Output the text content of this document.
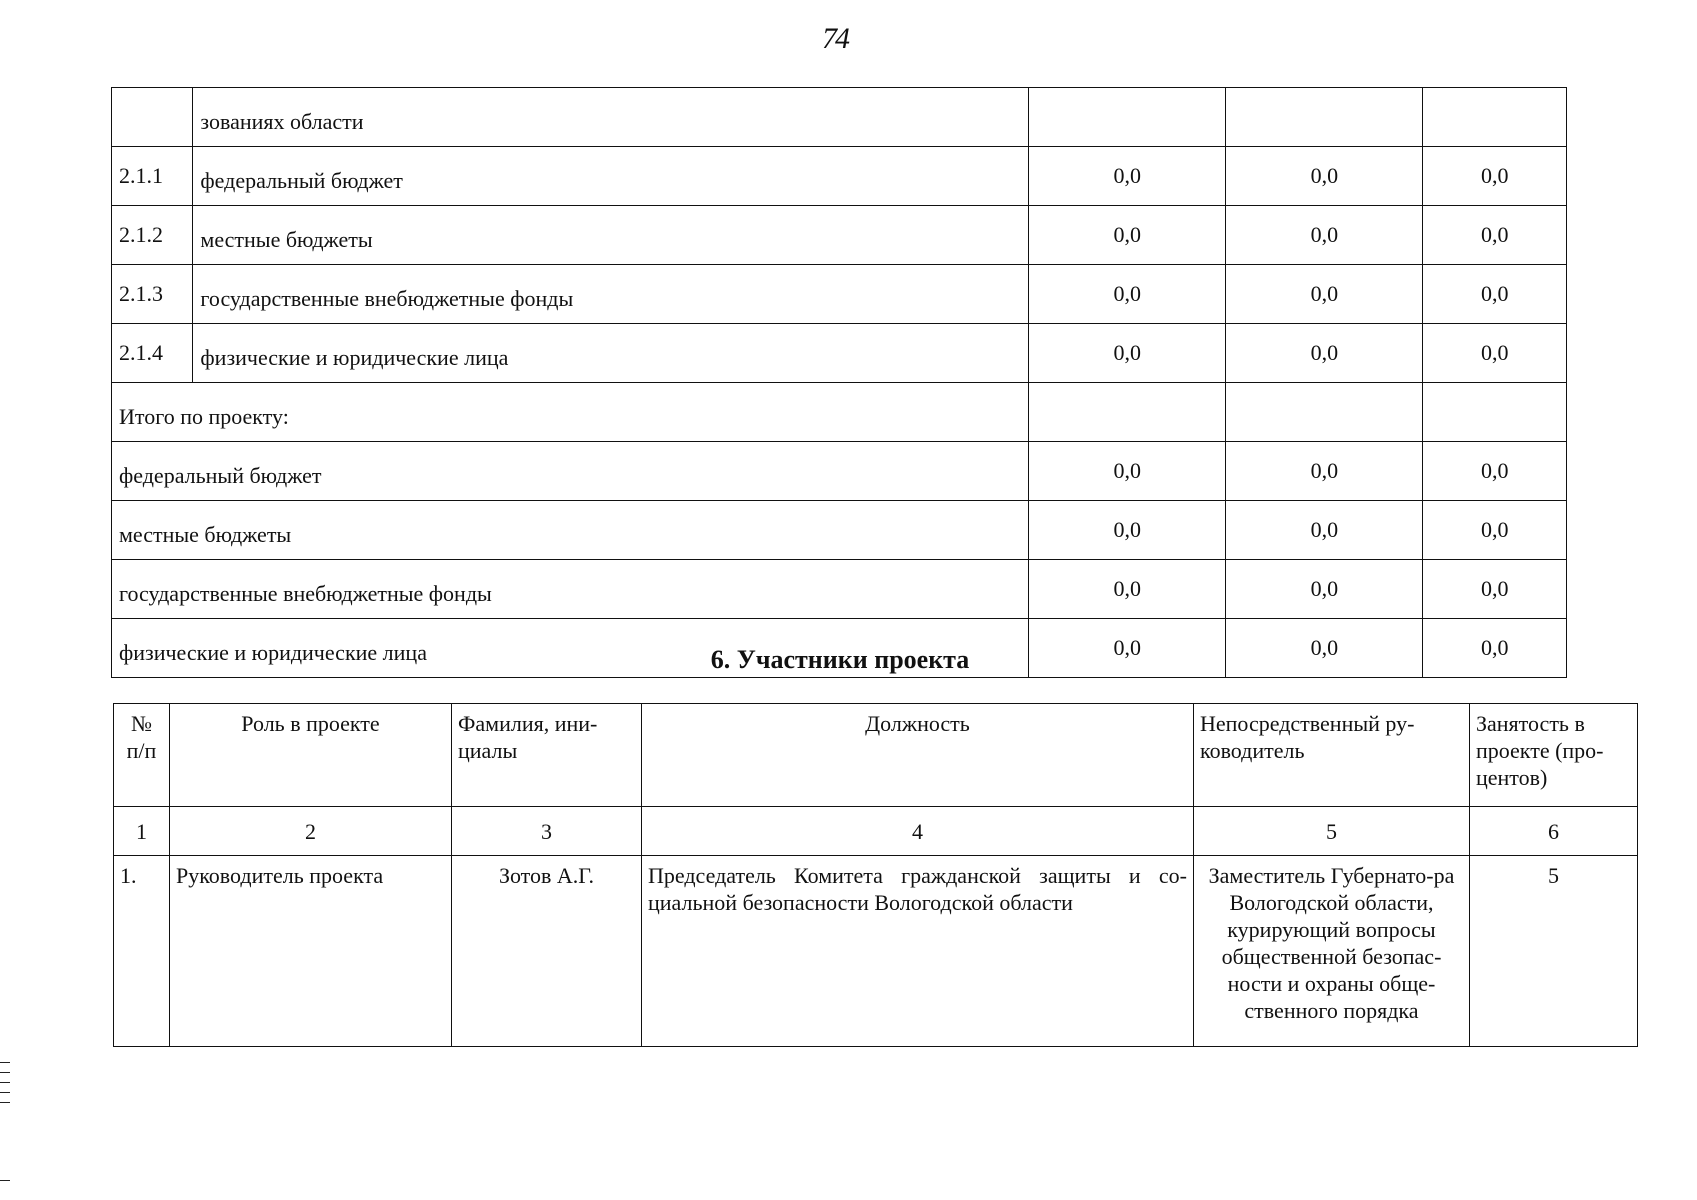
74
	зованиях области			
2.1.1	федеральный бюджет	0,0	0,0	0,0
2.1.2	местные бюджеты	0,0	0,0	0,0
2.1.3	государственные внебюджетные фонды	0,0	0,0	0,0
2.1.4	физические и юридические лица	0,0	0,0	0,0
Итого по проекту:				
федеральный бюджет		0,0	0,0	0,0
местные бюджеты		0,0	0,0	0,0
государственные внебюджетные фонды		0,0	0,0	0,0
физические и юридические лица		0,0	0,0	0,0
6. Участники проекта
№ п/п	Роль в проекте	Фамилия, ини-циалы	Должность	Непосредственный ру-ководитель	Занятость в проекте (про-центов)
1	2	3	4	5	6
1.	Руководитель проекта	Зотов А.Г.	Председатель Комитета гражданской защиты и со-циальной безопасности Вологодской области	Заместитель Губернато-ра Вологодской области, курирующий вопросы общественной безопас-ности и охраны обще-ственного порядка	5
